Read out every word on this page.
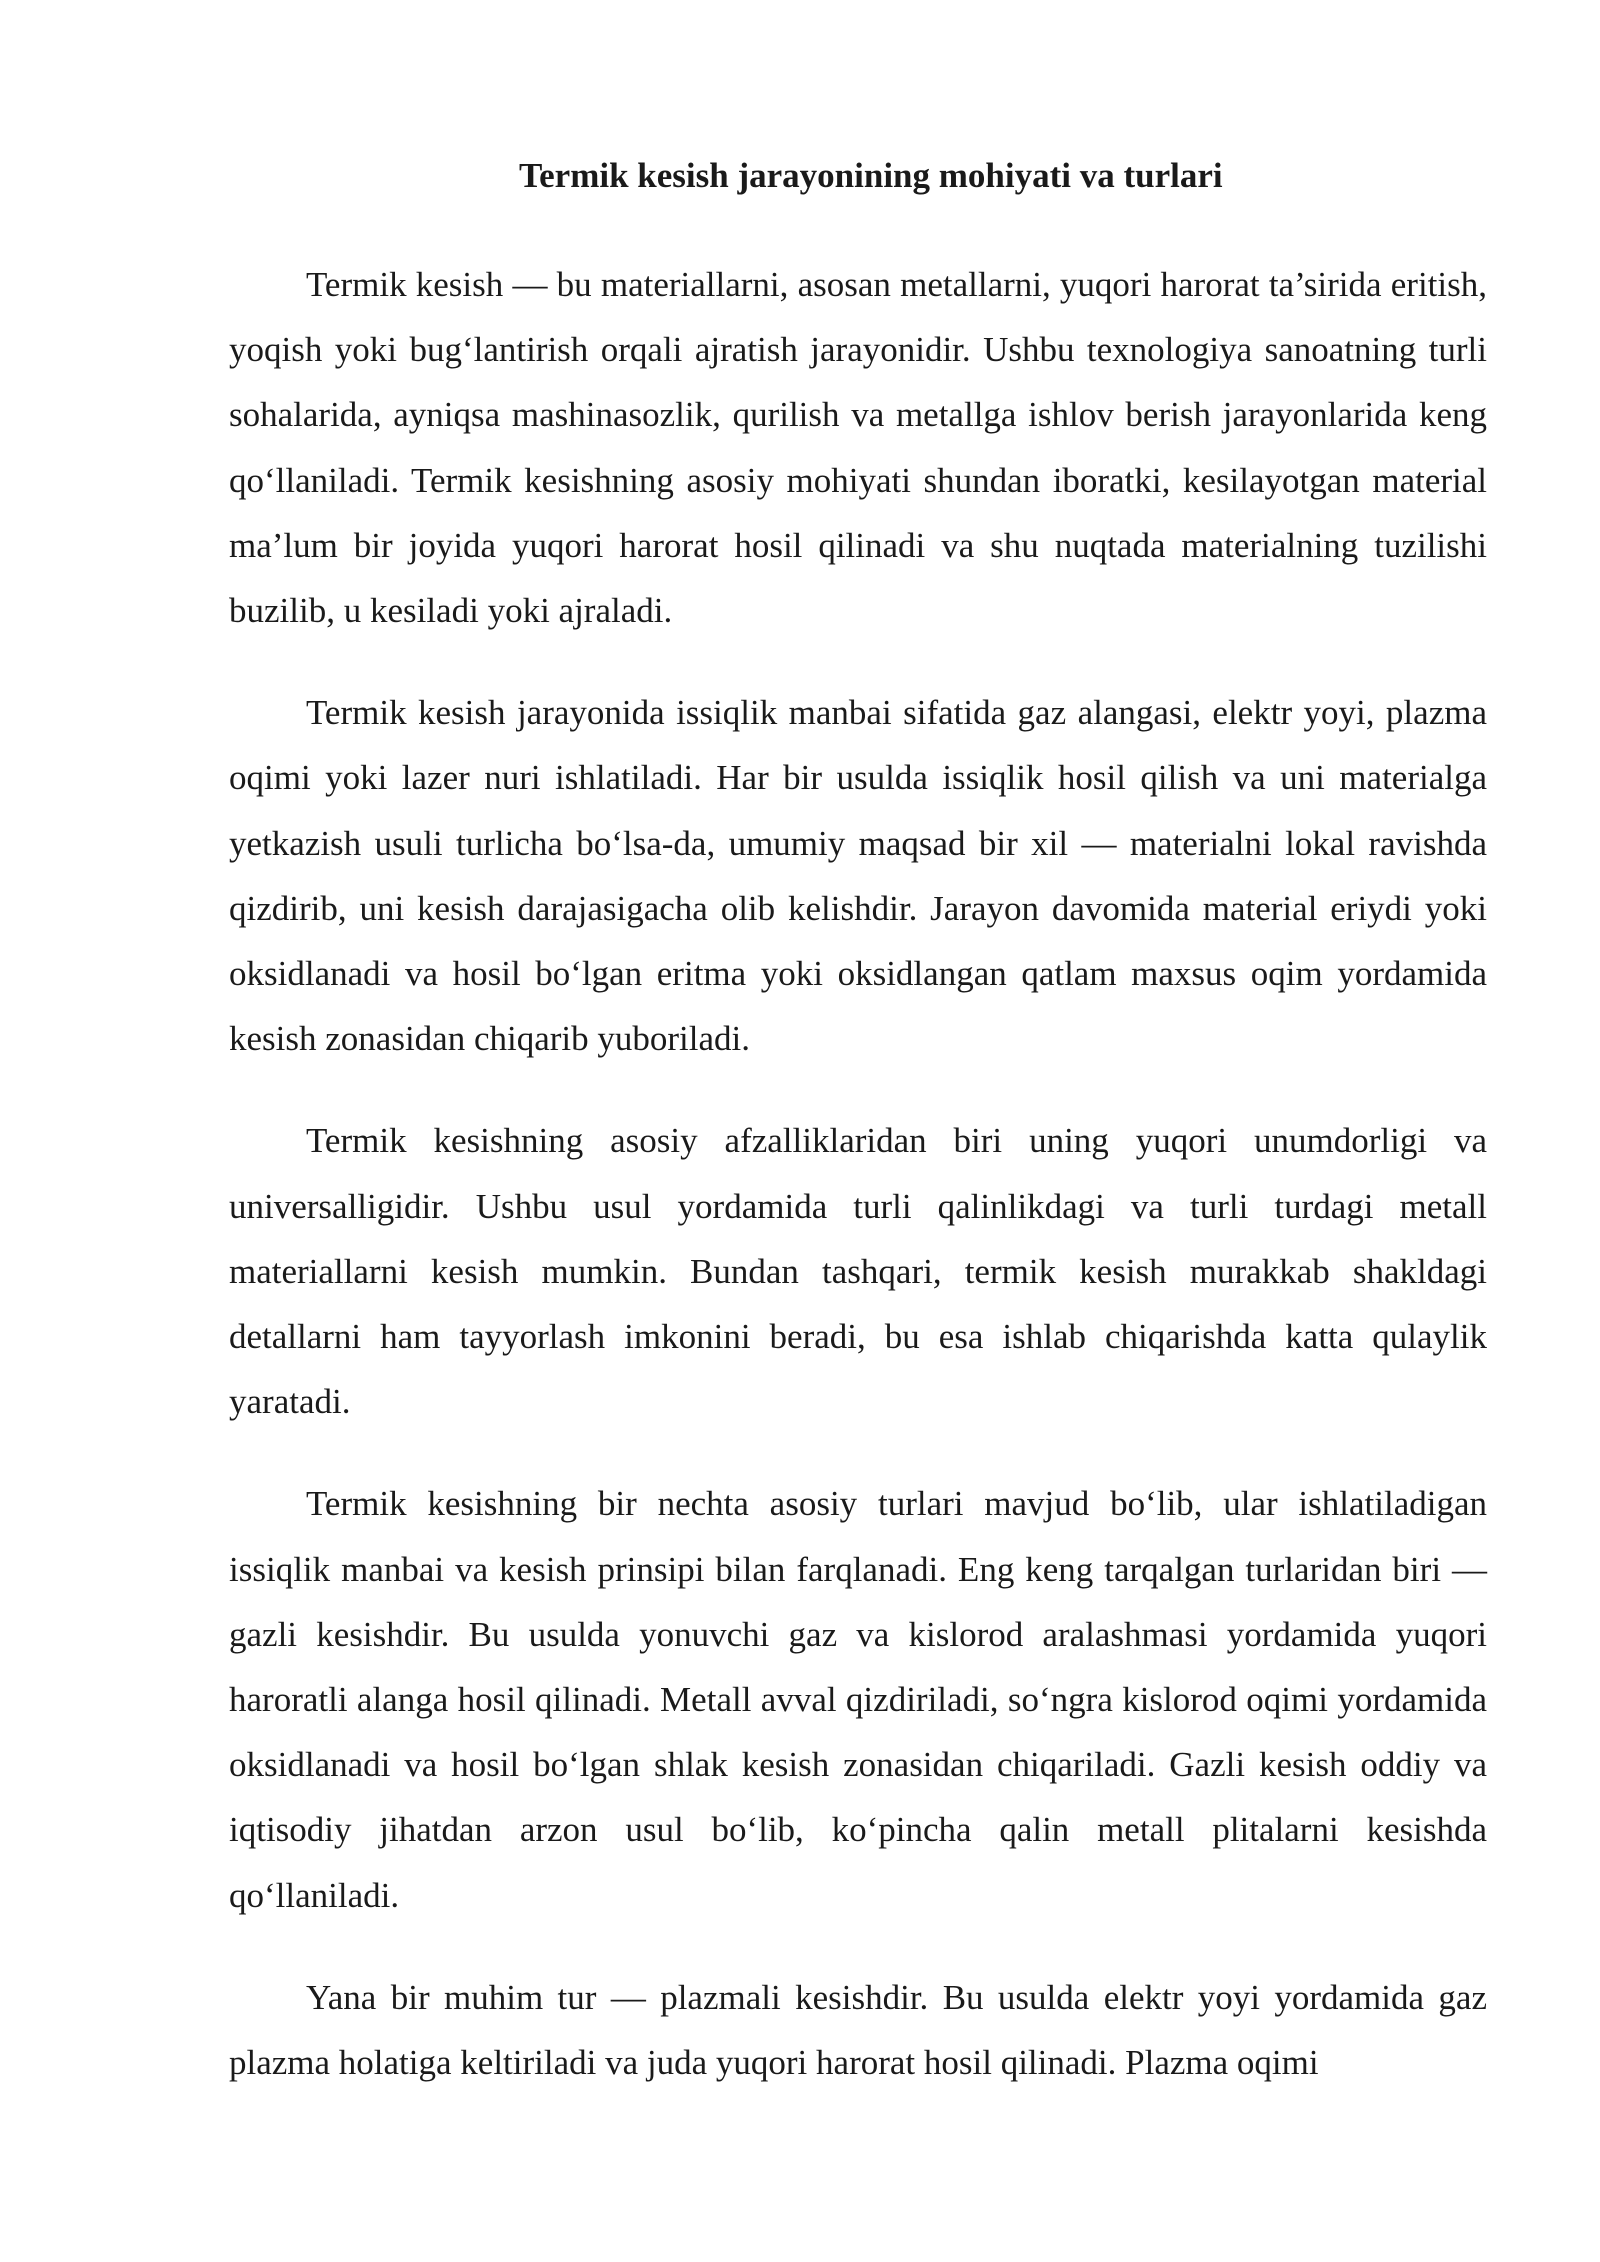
Termik kesish jarayonining mohiyati va turlari

Termik kesish — bu materiallarni, asosan metallarni, yuqori harorat ta’sirida eritish, yoqish yoki bug‘lantirish orqali ajratish jarayonidir. Ushbu texnologiya sanoatning turli sohalarida, ayniqsa mashinasozlik, qurilish va metallga ishlov berish jarayonlarida keng qo‘llaniladi. Termik kesishning asosiy mohiyati shundan iboratki, kesilayotgan material ma’lum bir joyida yuqori harorat hosil qilinadi va shu nuqtada materialning tuzilishi buzilib, u kesiladi yoki ajraladi.

Termik kesish jarayonida issiqlik manbai sifatida gaz alangasi, elektr yoyi, plazma oqimi yoki lazer nuri ishlatiladi. Har bir usulda issiqlik hosil qilish va uni materialga yetkazish usuli turlicha bo‘lsa-da, umumiy maqsad bir xil — materialni lokal ravishda qizdirib, uni kesish darajasigacha olib kelishdir. Jarayon davomida material eriydi yoki oksidlanadi va hosil bo‘lgan eritma yoki oksidlangan qatlam maxsus oqim yordamida kesish zonasidan chiqarib yuboriladi.

Termik kesishning asosiy afzalliklaridan biri uning yuqori unumdorligi va universalligidir. Ushbu usul yordamida turli qalinlikdagi va turli turdagi metall materiallarni kesish mumkin. Bundan tashqari, termik kesish murakkab shakldagi detallarni ham tayyorlash imkonini beradi, bu esa ishlab chiqarishda katta qulaylik yaratadi.

Termik kesishning bir nechta asosiy turlari mavjud bo‘lib, ular ishlatiladigan issiqlik manbai va kesish prinsipi bilan farqlanadi. Eng keng tarqalgan turlaridan biri — gazli kesishdir. Bu usulda yonuvchi gaz va kislorod aralashmasi yordamida yuqori haroratli alanga hosil qilinadi. Metall avval qizdiriladi, so‘ngra kislorod oqimi yordamida oksidlanadi va hosil bo‘lgan shlak kesish zonasidan chiqariladi. Gazli kesish oddiy va iqtisodiy jihatdan arzon usul bo‘lib, ko‘pincha qalin metall plitalarni kesishda qo‘llaniladi.

Yana bir muhim tur — plazmali kesishdir. Bu usulda elektr yoyi yordamida gaz plazma holatiga keltiriladi va juda yuqori harorat hosil qilinadi. Plazma oqimi
